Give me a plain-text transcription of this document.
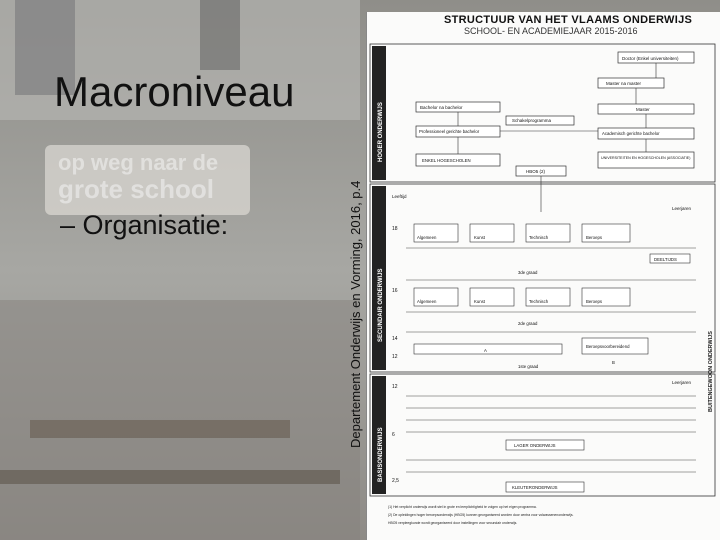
op weg naar de
grote school
Macroniveau
– Organisatie:	Departement Onderwijs en Vorming, 2016, p.4
STRUCTUUR VAN HET VLAAMS ONDERWIJS
SCHOOL- EN ACADEMIEJAAR 2015-2016
HOGER ONDERWIJS
SECUNDAIR ONDERWIJS
BASISONDERWIJS
BUITENGEWOON ONDERWIJS
Doctor (Enkel universiteiten)
Master na master
Bachelor na bachelor	Master
Schakelprogramma
Professioneel gerichte bachelor	Academisch gerichte bachelor
ENKEL HOGESCHOLEN	UNIVERSITEITEN EN HOGESCHOLEN (ASSOCIATIE)
HBO5 (2)
Leeftijd
Leerjaren
Leerjaren
18
16
14
12
12
6
2,5
Algemeen	Kunst	Technisch	Beroeps
Algemeen	Kunst	Technisch	Beroeps
3de graad
2de graad
1ste graad
DEELTIJDS
Beroepsvoorbereidend
A
B
LAGER ONDERWIJS
KLEUTERONDERWIJS
(1) Het verplicht onderwijs wordt stel in grote en leerplichtigheid te volgen op het eigen programma.
(2) De opleidingen hoger beroepsonderwijs (HBO5) kunnen georganiseerd worden door centra voor volwassenenonderwijs.
HBO5 verpleegkunde wordt georganiseerd door instellingen voor secundair onderwijs.
